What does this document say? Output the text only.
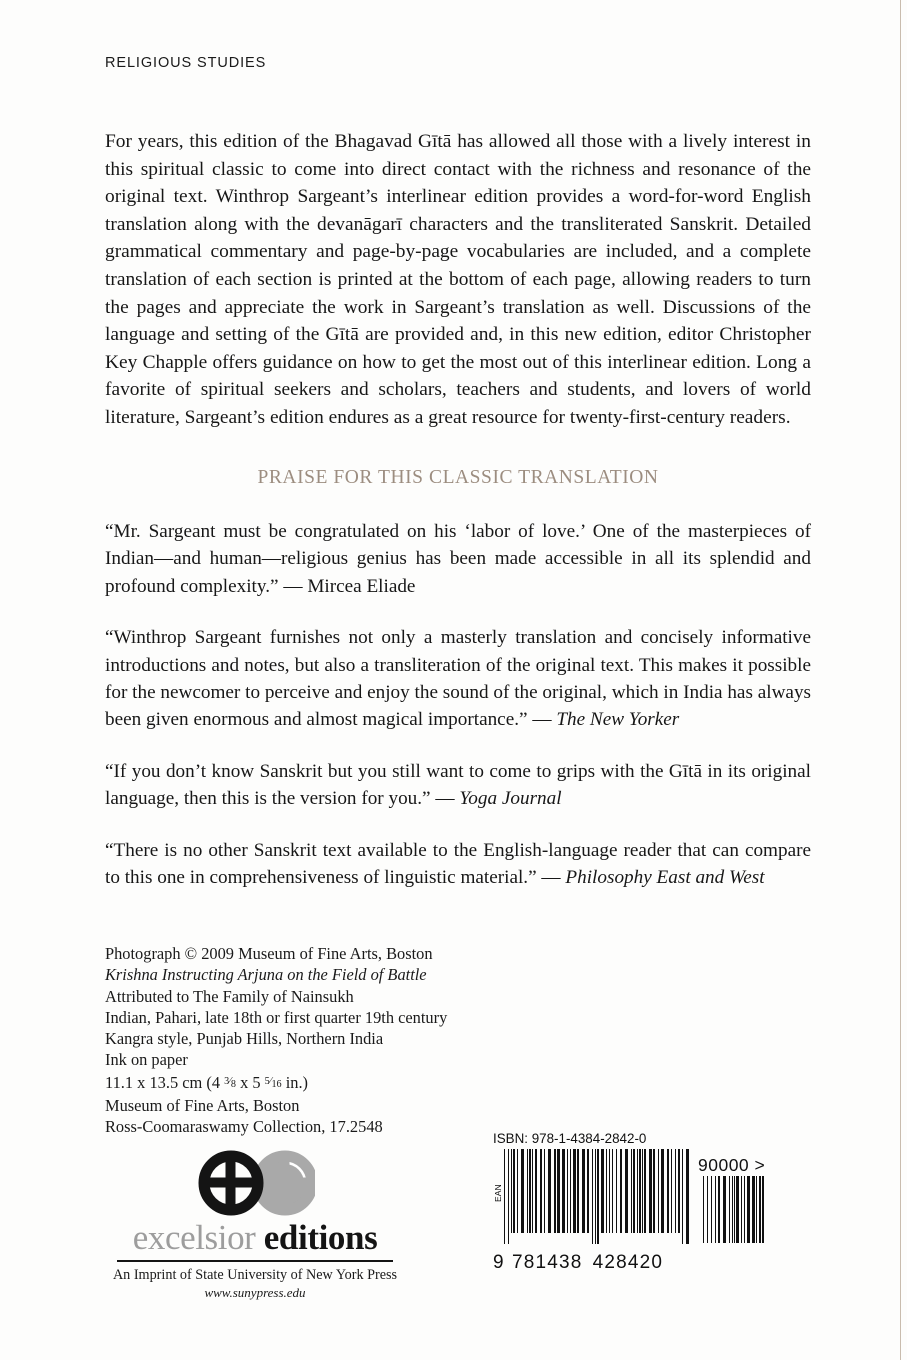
RELIGIOUS STUDIES
For years, this edition of the Bhagavad Gītā has allowed all those with a lively interest in this spiritual classic to come into direct contact with the richness and resonance of the original text. Winthrop Sargeant’s interlinear edition provides a word-for-word English translation along with the devanāgarī characters and the transliterated Sanskrit. Detailed grammatical commentary and page-by-page vocabularies are included, and a complete translation of each section is printed at the bottom of each page, allowing readers to turn the pages and appreciate the work in Sargeant’s translation as well. Discussions of the language and setting of the Gītā are provided and, in this new edition, editor Christopher Key Chapple offers guidance on how to get the most out of this interlinear edition. Long a favorite of spiritual seekers and scholars, teachers and students, and lovers of world literature, Sargeant’s edition endures as a great resource for twenty-first-century readers.
PRAISE FOR THIS CLASSIC TRANSLATION
“Mr. Sargeant must be congratulated on his ‘labor of love.’ One of the masterpieces of Indian—and human—religious genius has been made accessible in all its splendid and profound complexity.” — Mircea Eliade
“Winthrop Sargeant furnishes not only a masterly translation and concisely informative introductions and notes, but also a transliteration of the original text. This makes it possible for the newcomer to perceive and enjoy the sound of the original, which in India has always been given enormous and almost magical importance.” — The New Yorker
“If you don’t know Sanskrit but you still want to come to grips with the Gītā in its original language, then this is the version for you.” — Yoga Journal
“There is no other Sanskrit text available to the English-language reader that can compare to this one in comprehensiveness of linguistic material.” — Philosophy East and West
Photograph © 2009 Museum of Fine Arts, Boston
Krishna Instructing Arjuna on the Field of Battle
Attributed to The Family of Nainsukh
Indian, Pahari, late 18th or first quarter 19th century
Kangra style, Punjab Hills, Northern India
Ink on paper
11.1 x 13.5 cm (4 $^{3⁄_8}$ x 5 $^{5⁄_{16}}$ in.)
Museum of Fine Arts, Boston
Ross-Coomaraswamy Collection, 17.2548
excelsior editions
An Imprint of State University of New York Press
www.sunypress.edu
ISBN: 978-1-4384-2842-0
EAN
90000 >
9 781438 428420
